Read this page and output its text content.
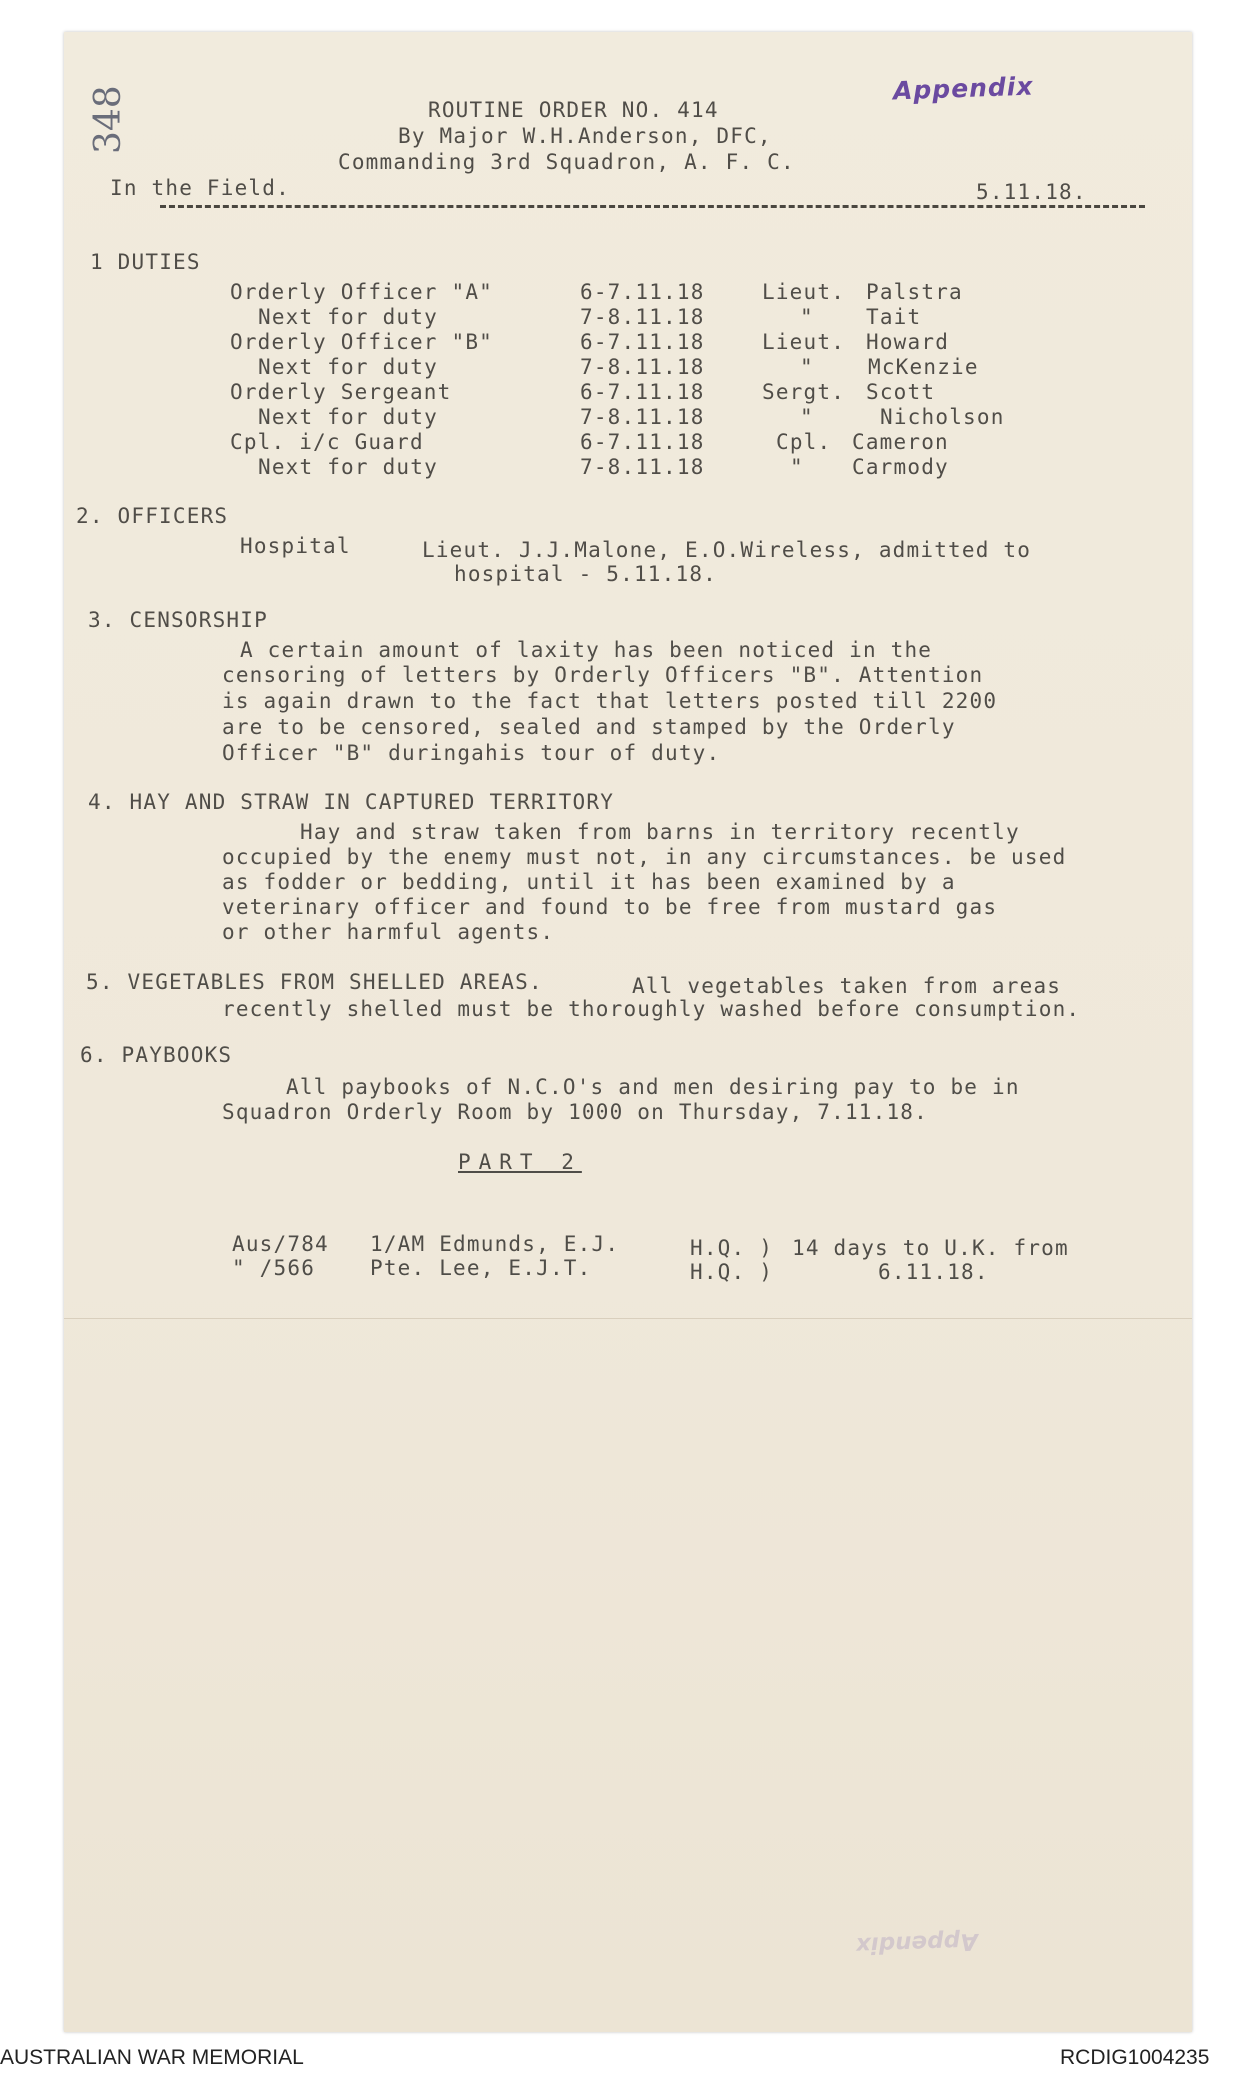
348	Appendix
ROUTINE ORDER NO. 414
By Major W.H.Anderson, DFC,
Commanding 3rd Squadron, A. F. C.
In the Field.	5.11.18.
1 DUTIES
Orderly Officer "A"	6-7.11.18	Lieut. Palstra
Next for duty	7-8.11.18	" Tait
Orderly Officer "B"	6-7.11.18	Lieut. Howard
Next for duty	7-8.11.18	"	McKenzie
Orderly Sergeant	6-7.11.18	Sergt. Scott
Next for duty	7-8.11.18	"	Nicholson
Cpl. i/c Guard	6-7.11.18	Cpl. Cameron
Next for duty	7-8.11.18	" Carmody
2. OFFICERS
Hospital	Lieut. J.J.Malone, E.O.Wireless, admitted to
hospital - 5.11.18.
3. CENSORSHIP
A certain amount of laxity has been noticed in the
censoring of letters by Orderly Officers "B". Attention
is again drawn to the fact that letters posted till 2200
are to be censored, sealed and stamped by the Orderly
Officer "B" duringahis tour of duty.
4. HAY AND STRAW IN CAPTURED TERRITORY
Hay and straw taken from barns in territory recently
occupied by the enemy must not, in any circumstances. be used
as fodder or bedding, until it has been examined by a
veterinary officer and found to be free from mustard gas
or other harmful agents.
5. VEGETABLES FROM SHELLED AREAS.	All vegetables taken from areas
recently shelled must be thoroughly washed before consumption.
6. PAYBOOKS
All paybooks of N.C.O's and men desiring pay to be in
Squadron Orderly Room by 1000 on Thursday, 7.11.18.
PART 2
Aus/784 1/AM Edmunds, E.J.	H.Q. ) 14 days to U.K. from
" /566	Pte. Lee, E.J.T.	H.Q. )	6.11.18.
Appendix
AUSTRALIAN WAR MEMORIAL	RCDIG1004235
